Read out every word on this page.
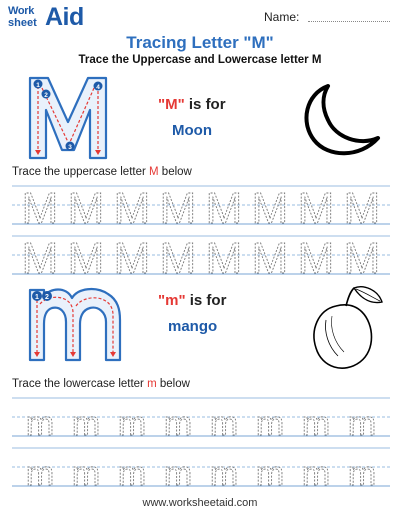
Work
sheet Aid	Name:
Tracing Letter "M"
Trace the Uppercase and Lowercase letter M
1
2
3
4
"M" is for
Moon
Trace the uppercase letter M below
M M M M M M M M
M M M M M M M M
1 2	"m" is for
mango
Trace the lowercase letter m below
m m m m m m m m
m m m m m m m m
www.worksheetaid.com
